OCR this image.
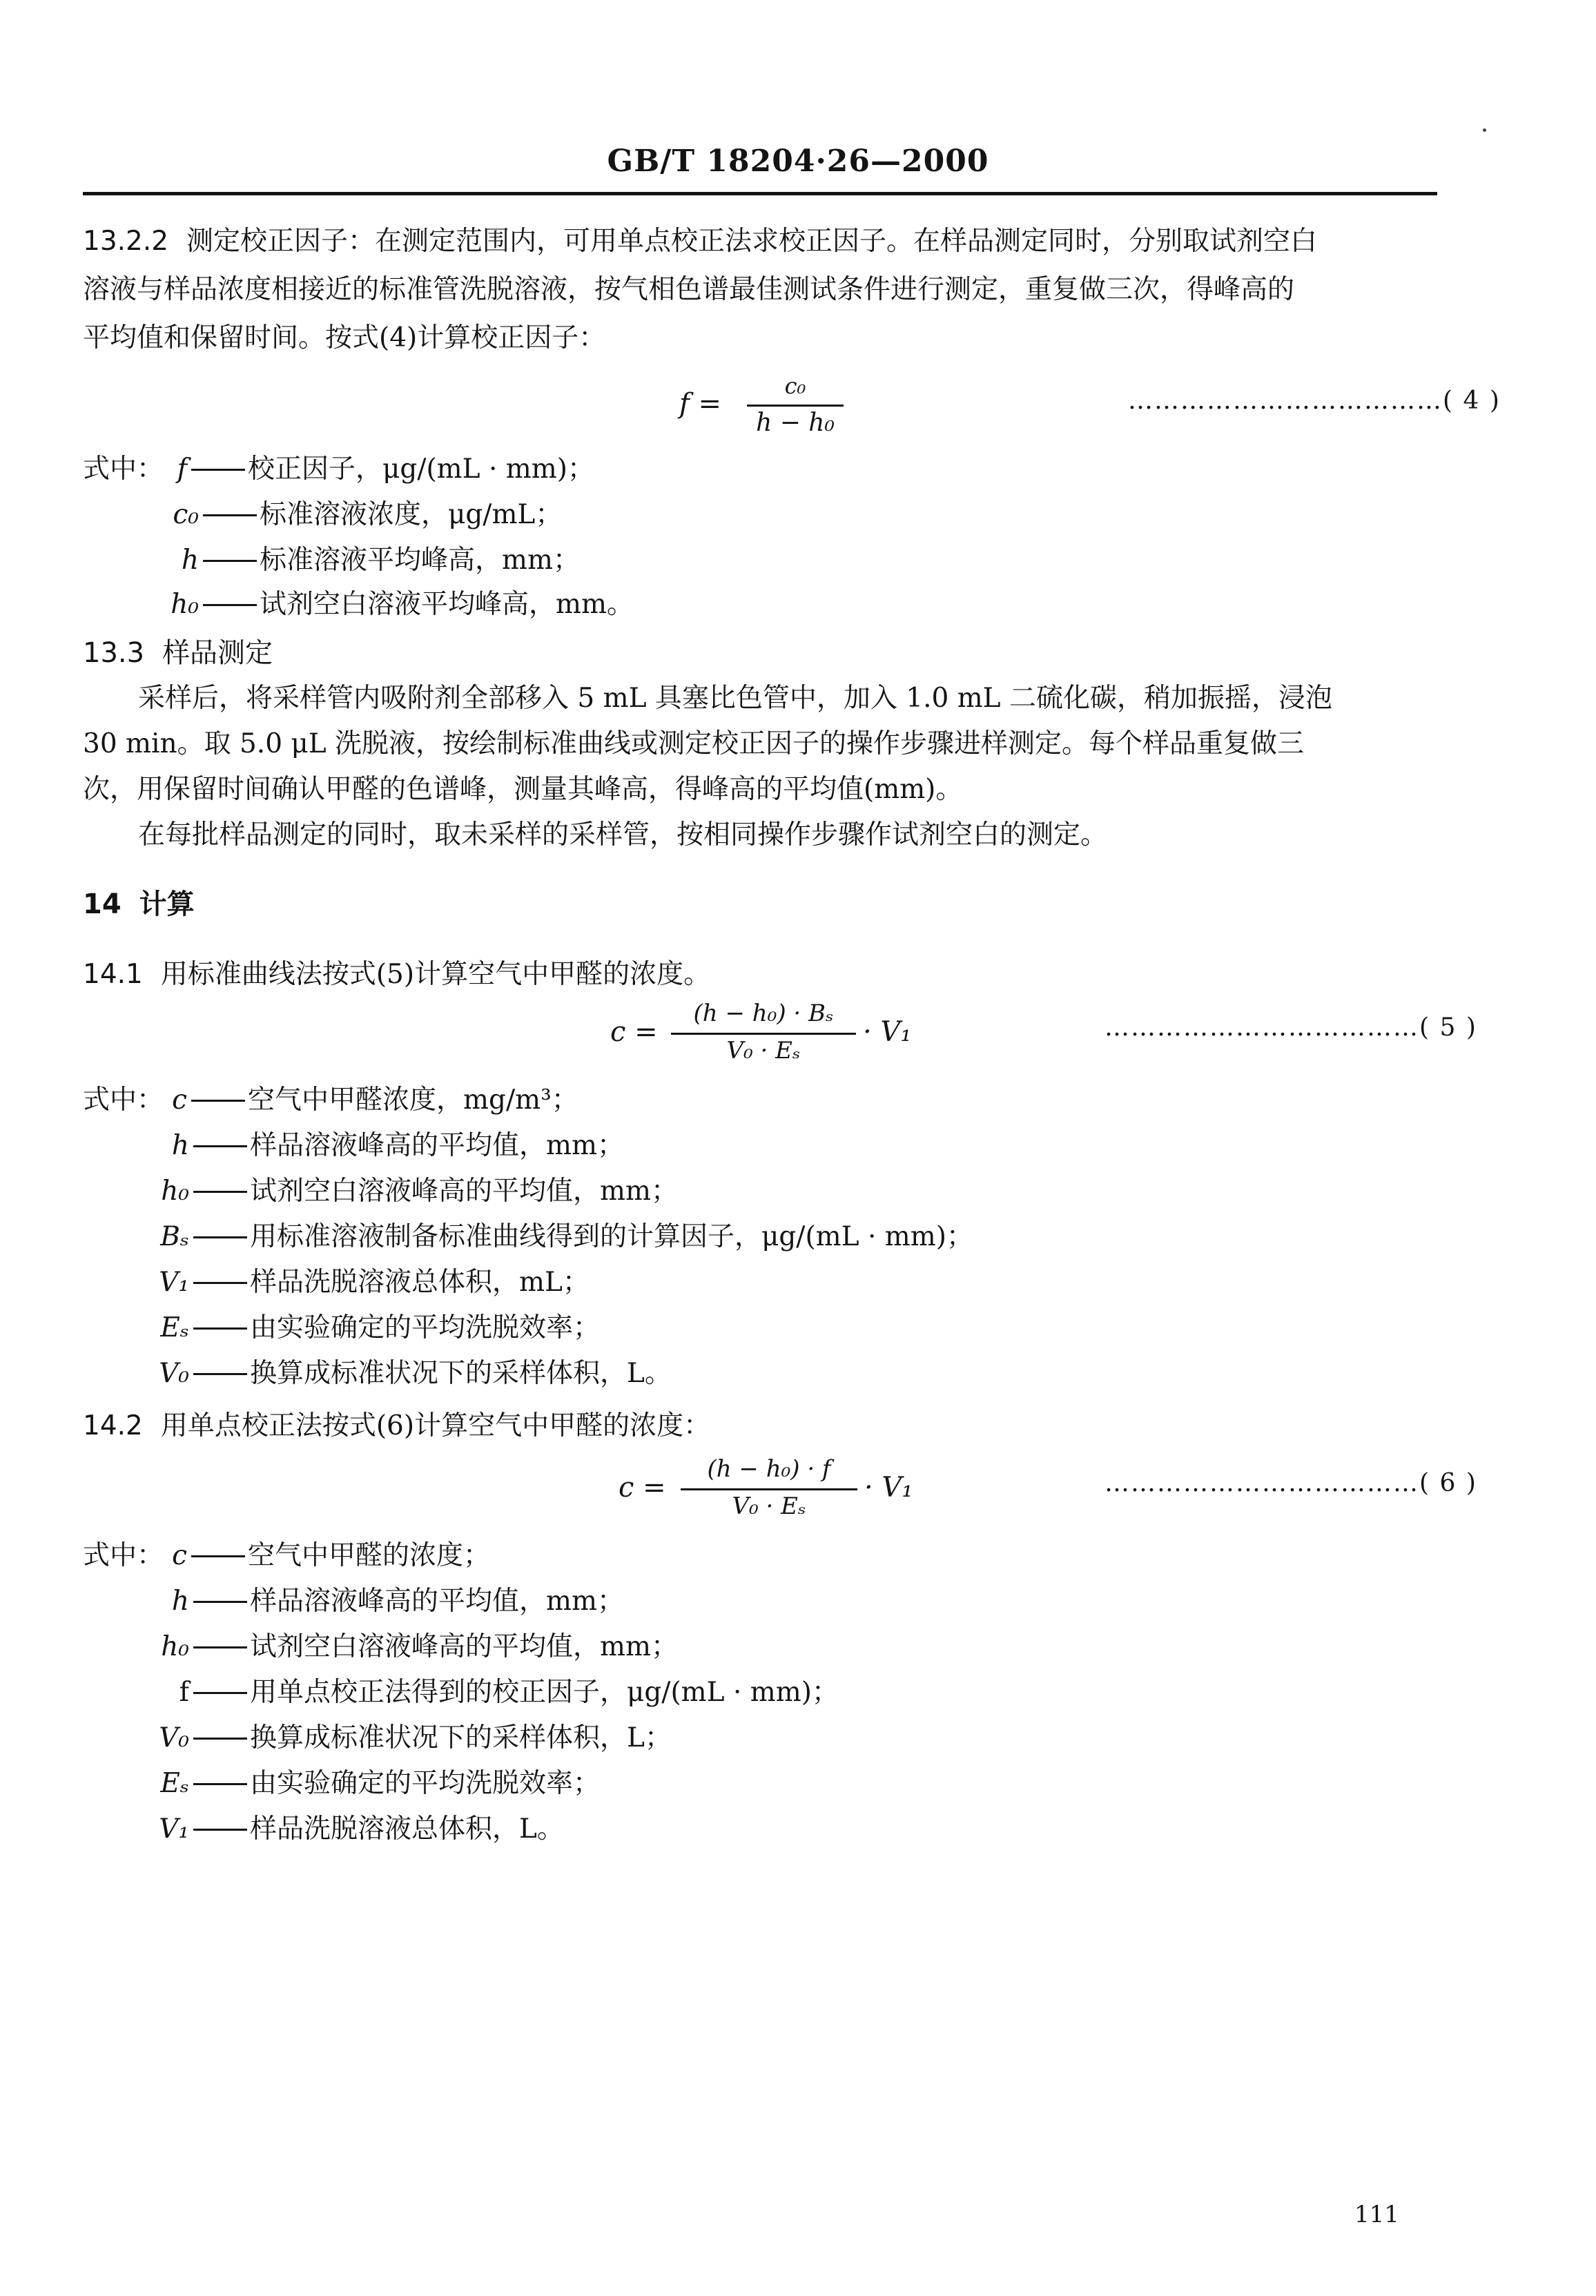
GB/T 18204·26—2000
13.2.2 测定校正因子：在测定范围内，可用单点校正法求校正因子。在样品测定同时，分别取试剂空白
溶液与样品浓度相接近的标准管洗脱溶液，按气相色谱最佳测试条件进行测定，重复做三次，得峰高的
平均值和保留时间。按式(4)计算校正因子：
f =
c₀
h − h₀
………………………………( 4 )
式中： f 校正因子，μg/(mL · mm)；
c₀ 标准溶液浓度，μg/mL；
h 标准溶液平均峰高，mm；
h₀ 试剂空白溶液平均峰高，mm。
13.3 样品测定
采样后，将采样管内吸附剂全部移入 5 mL 具塞比色管中，加入 1.0 mL 二硫化碳，稍加振摇，浸泡
30 min。取 5.0 μL 洗脱液，按绘制标准曲线或测定校正因子的操作步骤进样测定。每个样品重复做三
次，用保留时间确认甲醛的色谱峰，测量其峰高，得峰高的平均值(mm)。
在每批样品测定的同时，取未采样的采样管，按相同操作步骤作试剂空白的测定。
14 计算
14.1 用标准曲线法按式(5)计算空气中甲醛的浓度。
c =
(h − h₀) · Bₛ
V₀ · Eₛ
· V₁	………………………………( 5 )
式中： c 空气中甲醛浓度，mg/m³；
h 样品溶液峰高的平均值，mm；
h₀ 试剂空白溶液峰高的平均值，mm；
Bₛ 用标准溶液制备标准曲线得到的计算因子，μg/(mL · mm)；
V₁ 样品洗脱溶液总体积，mL；
Eₛ 由实验确定的平均洗脱效率；
V₀ 换算成标准状况下的采样体积，L。
14.2 用单点校正法按式(6)计算空气中甲醛的浓度：
c =
(h − h₀) · f
V₀ · Eₛ
· V₁	………………………………( 6 )
式中： c 空气中甲醛的浓度；
h 样品溶液峰高的平均值，mm；
h₀ 试剂空白溶液峰高的平均值，mm；
f 用单点校正法得到的校正因子，μg/(mL · mm)；
V₀ 换算成标准状况下的采样体积，L；
Eₛ 由实验确定的平均洗脱效率；
V₁ 样品洗脱溶液总体积，L。
111
